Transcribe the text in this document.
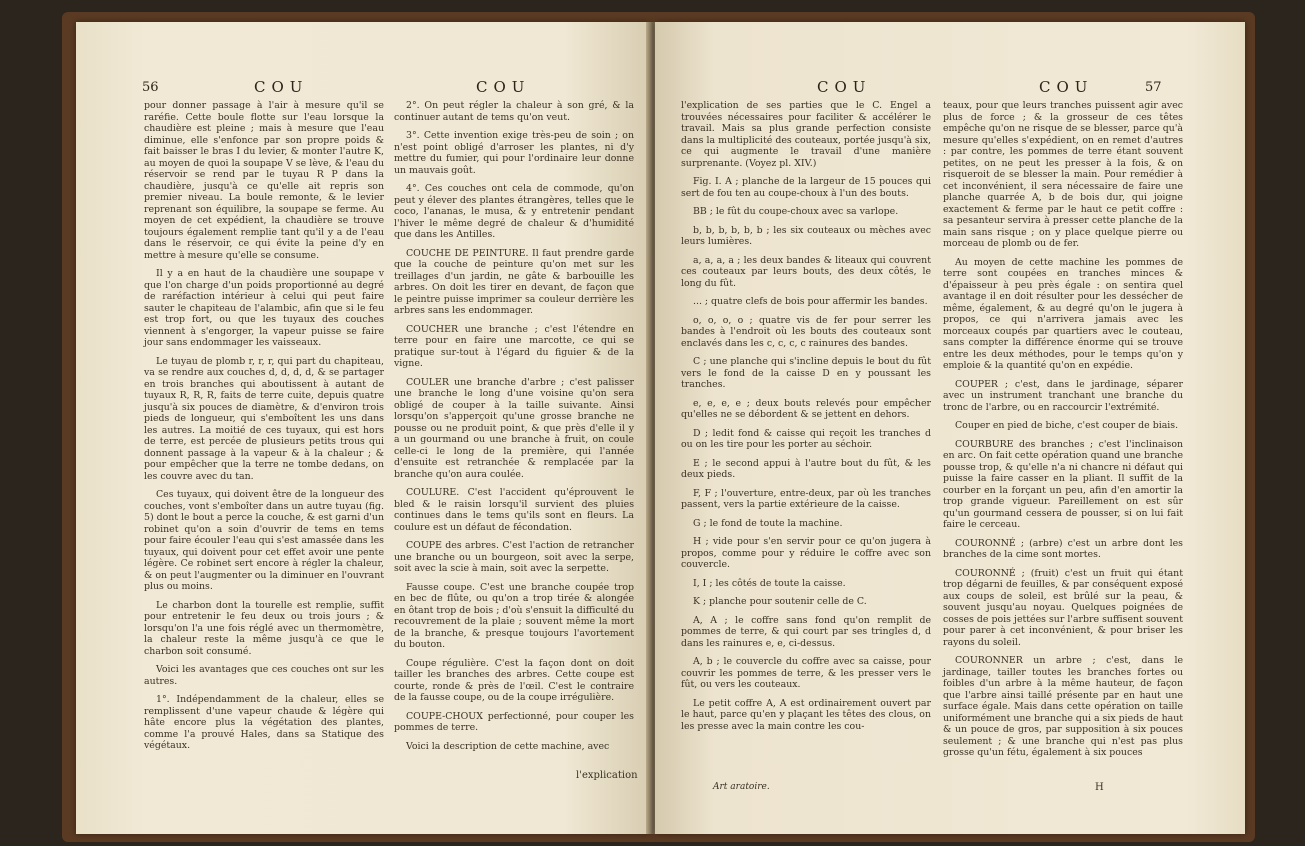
56	COU	COU

pour donner passage à l'air à mesure qu'il se raréfie. Cette boule flotte sur l'eau lorsque la chaudière est pleine ; mais à mesure que l'eau diminue, elle s'enfonce par son propre poids & fait baisser le bras I du levier, & monter l'autre K, au moyen de quoi la soupape V se lève, & l'eau du réservoir se rend par le tuyau R P dans la chaudière, jusqu'à ce qu'elle ait repris son premier niveau. La boule remonte, & le levier reprenant son équilibre, la soupape se ferme. Au moyen de cet expédient, la chaudière se trouve toujours également remplie tant qu'il y a de l'eau dans le réservoir, ce qui évite la peine d'y en mettre à mesure qu'elle se consume.

Il y a en haut de la chaudière une soupape v que l'on charge d'un poids proportionné au degré de raréfaction intérieur à celui qui peut faire sauter le chapiteau de l'alambic, afin que si le feu est trop fort, ou que les tuyaux des couches viennent à s'engorger, la vapeur puisse se faire jour sans endommager les vaisseaux.

Le tuyau de plomb r, r, r, qui part du chapiteau, va se rendre aux couches d, d, d, d, & se partager en trois branches qui aboutissent à autant de tuyaux R, R, R, faits de terre cuite, depuis quatre jusqu'à six pouces de diamètre, & d'environ trois pieds de longueur, qui s'emboîtent les uns dans les autres. La moitié de ces tuyaux, qui est hors de terre, est percée de plusieurs petits trous qui donnent passage à la vapeur & à la chaleur ; & pour empêcher que la terre ne tombe dedans, on les couvre avec du tan.

Ces tuyaux, qui doivent être de la longueur des couches, vont s'emboîter dans un autre tuyau (fig. 5) dont le bout a perce la couche, & est garni d'un robinet qu'on a soin d'ouvrir de tems en tems pour faire écouler l'eau qui s'est amassée dans les tuyaux, qui doivent pour cet effet avoir une pente légère. Ce robinet sert encore à régler la chaleur, & on peut l'augmenter ou la diminuer en l'ouvrant plus ou moins.

Le charbon dont la tourelle est remplie, suffit pour entretenir le feu deux ou trois jours ; & lorsqu'on l'a une fois réglé avec un thermomètre, la chaleur reste la même jusqu'à ce que le charbon soit consumé.

Voici les avantages que ces couches ont sur les autres.

1°. Indépendamment de la chaleur, elles se remplissent d'une vapeur chaude & légère qui hâte encore plus la végétation des plantes, comme l'a prouvé Hales, dans sa Statique des végétaux.

2°. On peut régler la chaleur à son gré, & la continuer autant de tems qu'on veut.

3°. Cette invention exige très-peu de soin ; on n'est point obligé d'arroser les plantes, ni d'y mettre du fumier, qui pour l'ordinaire leur donne un mauvais goût.

4°. Ces couches ont cela de commode, qu'on peut y élever des plantes étrangères, telles que le coco, l'ananas, le musa, & y entretenir pendant l'hiver le même degré de chaleur & d'humidité que dans les Antilles.

COUCHE DE PEINTURE. Il faut prendre garde que la couche de peinture qu'on met sur les treillages d'un jardin, ne gâte & barbouille les arbres. On doit les tirer en devant, de façon que le peintre puisse imprimer sa couleur derrière les arbres sans les endommager.

COUCHER une branche ; c'est l'étendre en terre pour en faire une marcotte, ce qui se pratique sur-tout à l'égard du figuier & de la vigne.

COULER une branche d'arbre ; c'est palisser une branche le long d'une voisine qu'on sera obligé de couper à la taille suivante. Ainsi lorsqu'on s'apperçoit qu'une grosse branche ne pousse ou ne produit point, & que près d'elle il y a un gourmand ou une branche à fruit, on coule celle-ci le long de la première, qui l'année d'ensuite est retranchée & remplacée par la branche qu'on aura coulée.

COULURE. C'est l'accident qu'éprouvent le bled & le raisin lorsqu'il survient des pluies continues dans le tems qu'ils sont en fleurs. La coulure est un défaut de fécondation.

COUPE des arbres. C'est l'action de retrancher une branche ou un bourgeon, soit avec la serpe, soit avec la scie à main, soit avec la serpette.

Fausse coupe. C'est une branche coupée trop en bec de flûte, ou qu'on a trop tirée & alongée en ôtant trop de bois ; d'où s'ensuit la difficulté du recouvrement de la plaie ; souvent même la mort de la branche, & presque toujours l'avortement du bouton.

Coupe régulière. C'est la façon dont on doit tailler les branches des arbres. Cette coupe est courte, ronde & près de l'œil. C'est le contraire de la fausse coupe, ou de la coupe irrégulière.

COUPE-CHOUX perfectionné, pour couper les pommes de terre.

Voici la description de cette machine, avec

l'explication
COU	COU	57

l'explication de ses parties que le C. Engel a trouvées nécessaires pour faciliter & accélérer le travail. Mais sa plus grande perfection consiste dans la multiplicité des couteaux, portée jusqu'à six, ce qui augmente le travail d'une manière surprenante. (Voyez pl. XIV.)

Fig. I. A ; planche de la largeur de 15 pouces qui sert de fou ten au coupe-choux à l'un des bouts.

BB ; le fût du coupe-choux avec sa varlope.

b, b, b, b, b, b ; les six couteaux ou mèches avec leurs lumières.

a, a, a, a ; les deux bandes & liteaux qui couvrent ces couteaux par leurs bouts, des deux côtés, le long du fût.

... ; quatre clefs de bois pour affermir les bandes.

o, o, o, o ; quatre vis de fer pour serrer les bandes à l'endroit où les bouts des couteaux sont enclavés dans les c, c, c, c rainures des bandes.

C ; une planche qui s'incline depuis le bout du fût vers le fond de la caisse D en y poussant les tranches.

e, e, e, e ; deux bouts relevés pour empêcher qu'elles ne se débordent & se jettent en dehors.

D ; ledit fond & caisse qui reçoit les tranches d ou on les tire pour les porter au séchoir.

E ; le second appui à l'autre bout du fût, & les deux pieds.

F, F ; l'ouverture, entre-deux, par où les tranches passent, vers la partie extérieure de la caisse.

G ; le fond de toute la machine.

H ; vide pour s'en servir pour ce qu'on jugera à propos, comme pour y réduire le coffre avec son couvercle.

I, I ; les côtés de toute la caisse.

K ; planche pour soutenir celle de C.

A, A ; le coffre sans fond qu'on remplit de pommes de terre, & qui court par ses tringles d, d dans les rainures e, e, ci-dessus.

A, b ; le couvercle du coffre avec sa caisse, pour couvrir les pommes de terre, & les presser vers le fût, ou vers les couteaux.

Le petit coffre A, A est ordinairement ouvert par le haut, parce qu'en y plaçant les têtes des clous, on les presse avec la main contre les cou-

teaux, pour que leurs tranches puissent agir avec plus de force ; & la grosseur de ces têtes empêche qu'on ne risque de se blesser, parce qu'à mesure qu'elles s'expédient, on en remet d'autres : par contre, les pommes de terre étant souvent petites, on ne peut les presser à la fois, & on risqueroit de se blesser la main. Pour remédier à cet inconvénient, il sera nécessaire de faire une planche quarrée A, b de bois dur, qui joigne exactement & ferme par le haut ce petit coffre : sa pesanteur servira à presser cette planche de la main sans risque ; on y place quelque pierre ou morceau de plomb ou de fer.

Au moyen de cette machine les pommes de terre sont coupées en tranches minces & d'épaisseur à peu près égale : on sentira quel avantage il en doit résulter pour les dessécher de même, également, & au degré qu'on le jugera à propos, ce qui n'arrivera jamais avec les morceaux coupés par quartiers avec le couteau, sans compter la différence énorme qui se trouve entre les deux méthodes, pour le temps qu'on y emploie & la quantité qu'on en expédie.

COUPER ; c'est, dans le jardinage, séparer avec un instrument tranchant une branche du tronc de l'arbre, ou en raccourcir l'extrémité.

Couper en pied de biche, c'est couper de biais.

COURBURE des branches ; c'est l'inclinaison en arc. On fait cette opération quand une branche pousse trop, & qu'elle n'a ni chancre ni défaut qui puisse la faire casser en la pliant. Il suffit de la courber en la forçant un peu, afin d'en amortir la trop grande vigueur. Pareillement on est sûr qu'un gourmand cessera de pousser, si on lui fait faire le cerceau.

COURONNÉ ; (arbre) c'est un arbre dont les branches de la cime sont mortes.

COURONNÉ ; (fruit) c'est un fruit qui étant trop dégarni de feuilles, & par conséquent exposé aux coups de soleil, est brûlé sur la peau, & souvent jusqu'au noyau. Quelques poignées de cosses de pois jettées sur l'arbre suffisent souvent pour parer à cet inconvénient, & pour briser les rayons du soleil.

COURONNER un arbre ; c'est, dans le jardinage, tailler toutes les branches fortes ou foibles d'un arbre à la même hauteur, de façon que l'arbre ainsi taillé présente par en haut une surface égale. Mais dans cette opération on taille uniformément une branche qui a six pieds de haut & un pouce de gros, par supposition à six pouces seulement ; & une branche qui n'est pas plus grosse qu'un fétu, également à six pouces

Art aratoire.	H
